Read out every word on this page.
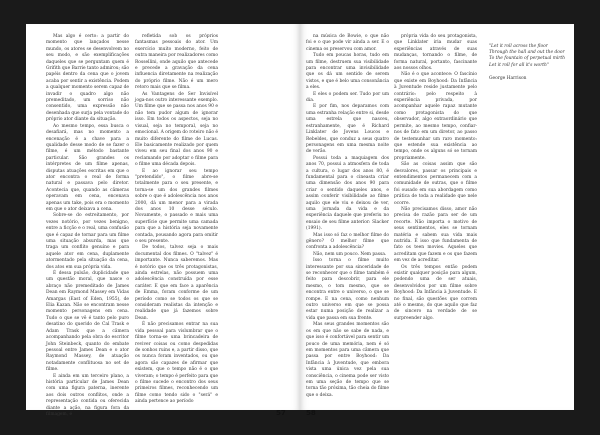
Mas algo é certo: a partir do momento que lançados nesse mundo, os atores se desenvolvem no seu modo, e são exemplificações daqueles que se perguntam quem é Grifith que Barrie tanto admirou; são papéis dentro da cena que o jovem acaba por sentir a existência. Podem a qualquer momento serem capaz de invadir o quadro algo não premeditado, um sorriso não consentido, uma expressão não desenhada que surja pela vontade do próprio ator diante da situação.

Ao mesmo tempo, essa busca o desafiará, mas no momento a encenação é a chave para a qualidade desse modo de se fazer o filme, é um método bastante particular. São grandes os intérpretes de um filme apenas, disputas atuações escritas em que o ator encontra o real de forma natural e passava pelo diretor. Acontecia que, quando as câmeras operavam em cena, encenava apenas um take, pois era o momento em que o ator deixava a cena.

Sobre-se do estreitamento, por vezes notório, por vezes benigno, entre a ficção e o real, uma confusão que é capaz de tornar para um filme uma situação absurda, mas que traga um conflito genuíno e para aquele ator em cena, duplamente atormentado pela situação da cena, dos atos em sua própria vida.

É dessa pulsão, duplicidade que um questão moral, que nasce o abraço não premeditado de James Dean em Raymond Massey em Vidas Amargas (East of Eden, 1955), de Elia Kazan. Não se encontram nesse momento personagens em cena. Tudo o que se vê é tanto pelo puro desatino do querido de Cal Trask e Adam Trask que a câmera acompanhando pela obra do escritor John Steinbeck, quanto do embate pessoal entre James Dean e o ator Raymond Massey, de atuação notadamente conflituosa no set de filme.

E ainda em um terceiro plano, a história particular de James Dean com uma figura paterna, inerente aos dois outros conflitos, onde a representação contida ou oferecida diante a ação, na figura fora da filmagem, é

refletida sob os próprios fantasmas pessoais do ator. Um exercício muito moderno, feito de outra maneira por realizadores como Rossellini, onde aquilo que antecede e precede a gravação da cena influencia diretamente na realização do próprio filme. Não é um mero retoro mais que se filma.

As Vantagens de Ser Invisível joga-nos outro interessante exemplo. Um filme que se passa nos anos 90 e não tem pudor algum de ignorar isso. Em todos os aspectos, seja no visual, seja no temporal, seja no emocional. A origem do roteiro não é muito diferente do filme de Lucas. Ele basicamente realizado por quem viveu em seu final dos anos 90 e reclamando por adoptar o filme para o filme uma década depois.

E ao ignorar seu tempo "pretendido", o filme abre-se totalmente para o seu presente, e torna-se um dos grandes filmes sobre o que é adolescência nos anos 2000, dá um menor para a virada dos anos 10 desse século. Novamente, o passado e mais uma superfície que permite uma camada para que a história seja novamente contada, pousando agora para omitir o seu presente.

De todos, talvez seja o mais documental dos filmes. O "talvez" é importante. Nunca saberemos. Mas é notório que os três protagonistas, ainda estrelas, não possuem uma adolescência construída por esse caráter. E que em face a aparência de Emma, foram conforme de um período como se todos os que se consideram realistas da intenção e realidade que já fazemos sobre Dean.

É não precisamos entrar na sua vida pessoal para vislumbrar que o filme torna-se uma brincadeira de reviver coisas ou como despedidas de sonhos ruins e, a partir disso, que os nunca foram inventados, ou que agora são capazes de afirmar que existem, que o tempo não é o que viveram; o tempo é perfeito para que o filme sucede o encontro dos seus primeiros filmes, reconhecendo um filme como tendo sido o "será" e ainda pertence ao período

na música de Bowie, o que não foi e o que pode vir ainda a ser. E o cinema os preservou com amor.

Tudo em poucas horas, tudo em um filme, destruem sua visibilidade para encontrar uma invisibilidade que os dá um sentido de serem vistos, e que é belo uma consonância a eles.

E eles o podem ser. Tudo por um dia.

E por fim, nos deparamos com uma estranha relação entre si, desde uma estrela que nasceu, estranhamente, que é Richard Linklater de Jovens Loucos e Rebeldes, que conduz a seus quatro personagens em uma mesma noite de verão.

Possui toda a maquiagem dos anos 70, possui a atmosfera de toda a cultura, o lugar dos anos 80, é fundamental para o cineasta criar uma dimensão dos anos 90 para criar o sentido daqueles anos, e assim conferir visibilidade ao filme aquilo que ele viu e deixou de ver, uma jornada da vida e da experiência daquele que preferiu no ensaio de seu filme anterior: Slacker (1991).

Mas isso só faz o melhor filme do gênero? O melhor filme que confronta a adolescência?

Não, nem um pouco. Nem passa.

Isso torna o filme muito interessante por sua sinceridade de se reconhecer que o filme também é feito para descobrir, para ele mesmo, o tom mesmo, que se encontra entre o universo, o que se rompe. E na cena, como nenhum outro universo em que se possa estar numa posição de realizar a vida que passa em sua frente.

Mas seus grandes momentos são os em que não se sabe de nada, e que isso é confortável para sentir um pouco de uma memória, nem é só em momentos para uma câmera que passa por entre Boyhood: Da Infância à Juventude, que embora vista uma única vez pela sua consciência, o cinema pode ser visto em uma seção de tempo que se torna tão próxima, tão cheia do filme que o deixa.

própria vida do seu protagonista, que Linklater iria mudar suas experiências através de suas mudanças, tornando o filme, de forma natural, portanto, fascinante aos nossos olhos.

Não é o que acontece: O fascínio que existe em Boyhood: Da Infância à Juventude reside justamente pelo contrário: pelo respeito à experiência privada, por acompanhar aquele rapaz mutante como protagonista do que observador, algo extraordinário que permite, ao mesmo tempo, confiar-nos de fato em um diretor, ao passo de testemunhar um raro momento: que estende sua existência ao tempo, onde os alguns só se tornam propriamente.

São as coisas assim que são desvalores, passar os principais e entendimentos permanecem com a comunidade de outras, que o filme foi ousado em sua abordagem como prática de toda a realidade que nele ocorre.

Não precisamos disso, amor não precisa de razão para ser de um recorte. Não importa o motivo de seus sentimentos, eles se tornam matéria e sabem sua vida mais nutrida. É isso que fundamenta de fato os teen movies. Aqueles que acreditam que fazem e os que fazem em vez de acreditar.

Os três tempos então podem existir qualquer posição para algum, podendo uma de ser atuais, desenvolvidos por um filme sobre Boyhood: Da Infância à Juventude. E no final, são questões que correm até o mesmo, do que aquilo que faz de sincero na verdade de se surpreender algo.

"Let it roll across the floor
Through the hall and out the door
To the fountain of perpetual mirth
Let it roll for all it's worth"
George Harrison
57	58
